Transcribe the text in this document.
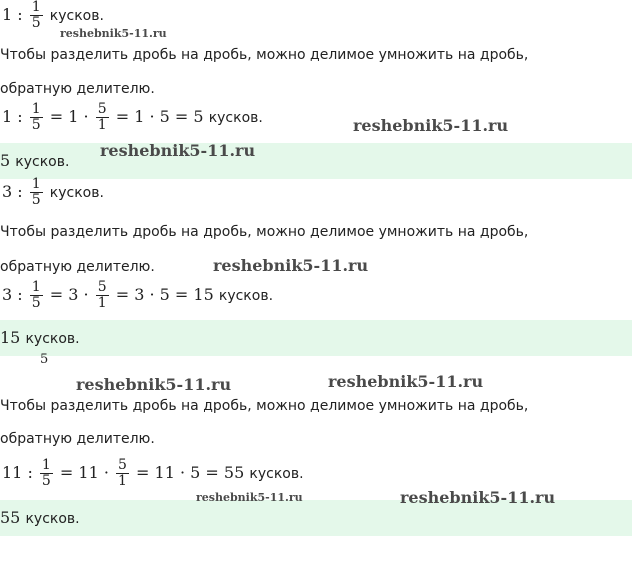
1 : $\frac{1}{5}$ кусков.
reshebnik5-11.ru
Чтобы разделить дробь на дробь, можно делимое умножить на дробь,
обратную делителю.
1 : $\frac{1}{5} = 1 \cdot \frac{5}{1} = 1 \cdot 5 = 5$ кусков.	reshebnik5-11.ru
5 кусков.
reshebnik5-11.ru
3 : $\frac{1}{5}$ кусков.
Чтобы разделить дробь на дробь, можно делимое умножить на дробь,
обратную делителю.	reshebnik5-11.ru
3 : $\frac{1}{5} = 3 \cdot \frac{5}{1} = 3 \cdot 5 = 15$ кусков.
15 кусков.
5
reshebnik5-11.ru	reshebnik5-11.ru
Чтобы разделить дробь на дробь, можно делимое умножить на дробь,
обратную делителю.
11 : $\frac{1}{5} = 11 \cdot \frac{5}{1} = 11 \cdot 5 = 55$ кусков.
reshebnik5-11.ru	reshebnik5-11.ru
55 кусков.
